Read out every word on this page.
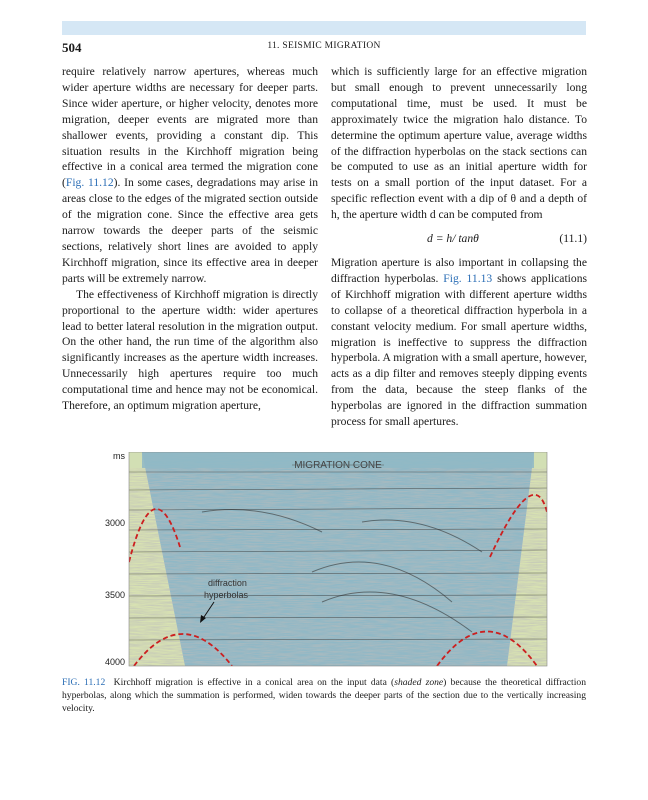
504	11. SEISMIC MIGRATION

require relatively narrow apertures, whereas much wider aperture widths are necessary for deeper parts. Since wider aperture, or higher velocity, denotes more migration, deeper events are migrated more than shallower events, providing a constant dip. This situation results in the Kirchhoff migration being effective in a conical area termed the migration cone (Fig. 11.12). In some cases, degradations may arise in areas close to the edges of the migrated section outside of the migration cone. Since the effective area gets narrow towards the deeper parts of the seismic sections, relatively short lines are avoided to apply Kirchhoff migration, since its effective area in deeper parts will be extremely narrow.

The effectiveness of Kirchhoff migration is directly proportional to the aperture width: wider apertures lead to better lateral resolution in the migration output. On the other hand, the run time of the algorithm also significantly increases as the aperture width increases. Unnecessarily high apertures require too much computational time and hence may not be economical. Therefore, an optimum migration aperture,

which is sufficiently large for an effective migration but small enough to prevent unnecessarily long computational time, must be used. It must be approximately twice the migration halo distance. To determine the optimum aperture value, average widths of the diffraction hyperbolas on the stack sections can be computed to use as an initial aperture width for tests on a small portion of the input dataset. For a specific reflection event with a dip of θ and a depth of h, the aperture width d can be computed from

d = h/ tanθ	(11.1)

Migration aperture is also important in collapsing the diffraction hyperbolas. Fig. 11.13 shows applications of Kirchhoff migration with different aperture widths to collapse of a theoretical diffraction hyperbola in a constant velocity medium. For small aperture widths, migration is ineffective to suppress the diffraction hyperbola. A migration with a small aperture, however, acts as a dip filter and removes steeply dipping events from the data, because the steep flanks of the hyperbolas are ignored in the diffraction summation process for small apertures.

ms
3000
3500
4000
MIGRATION CONE
diffraction
hyperbolas
FIG. 11.12 Kirchhoff migration is effective in a conical area on the input data (shaded zone) because the theoretical diffraction hyperbolas, along which the summation is performed, widen towards the deeper parts of the section due to the vertically increasing velocity.
